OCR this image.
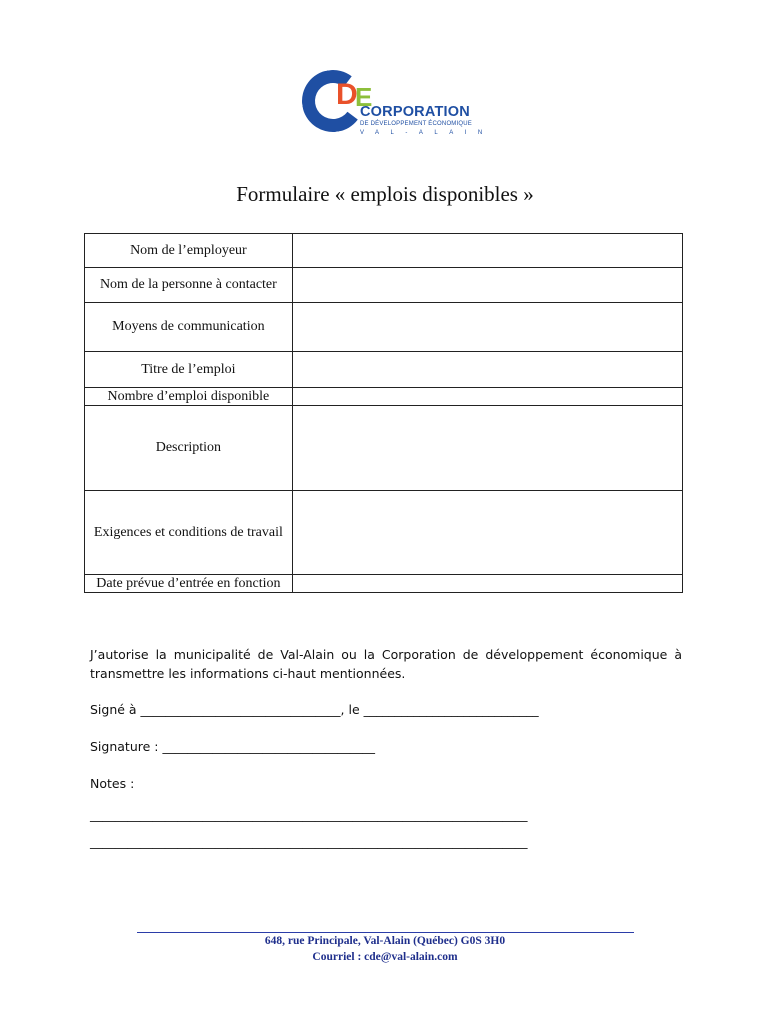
D
E
CORPORATION
DE DÉVELOPPEMENT ÉCONOMIQUE
VAL-ALAIN
Formulaire « emplois disponibles »
Nom de l’employeur	
Nom de la personne à contacter	
Moyens de communication	
Titre de l’emploi	
Nombre d’emploi disponible	
Description	
Exigences et conditions de travail	
Date prévue d’entrée en fonction	

J’autorise la municipalité de Val-Alain ou la Corporation de développement économique à transmettre les informations ci-haut mentionnées.

Signé à ________________________________, le ____________________________
Signature : __________________________________
Notes :
______________________________________________________________________
______________________________________________________________________
648, rue Principale, Val-Alain (Québec) G0S 3H0
Courriel : cde@val-alain.com
